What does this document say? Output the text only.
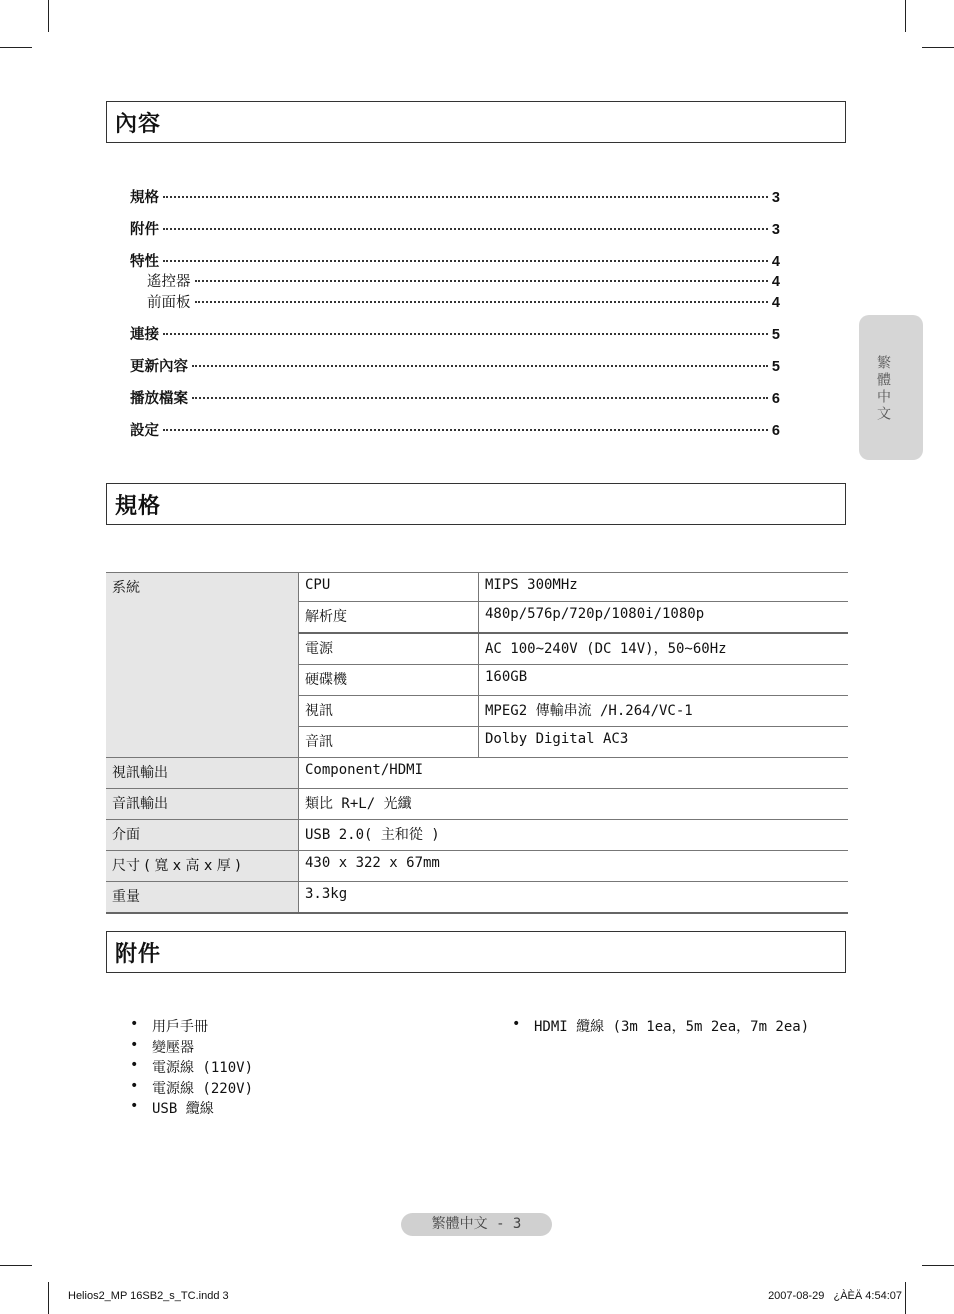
內容
規格	3
附件	3
特性	4
遙控器	4
前面板	4
連接	5
更新內容	5
播放檔案	6
設定	6
繁體中文
規格
系統	CPU	MIPS 300MHz
	解析度	480p/576p/720p/1080i/1080p
	電源	AC 100~240V (DC 14V)，50~60Hz
	硬碟機	160GB
	視訊	MPEG2 傳輸串流 /H.264/VC-1
	音訊	Dolby Digital AC3
視訊輸出	Component/HDMI	
音訊輸出	類比 R+L/ 光纖	
介面	USB 2.0( 主和從 )	
尺寸 ( 寬 x 高 x 厚 )	430 x 322 x 67mm	
重量	3.3kg	
附件
• 用戶手冊
• 變壓器
• 電源線 (110V)
• 電源線 (220V)
• USB 纜線
• HDMI 纜線 (3m 1ea，5m 2ea，7m 2ea)
繁體中文 - 3
Helios2_MP 16SB2_s_TC.indd 3	2007-08-29   ¿ÀÈÄ 4:54:07
